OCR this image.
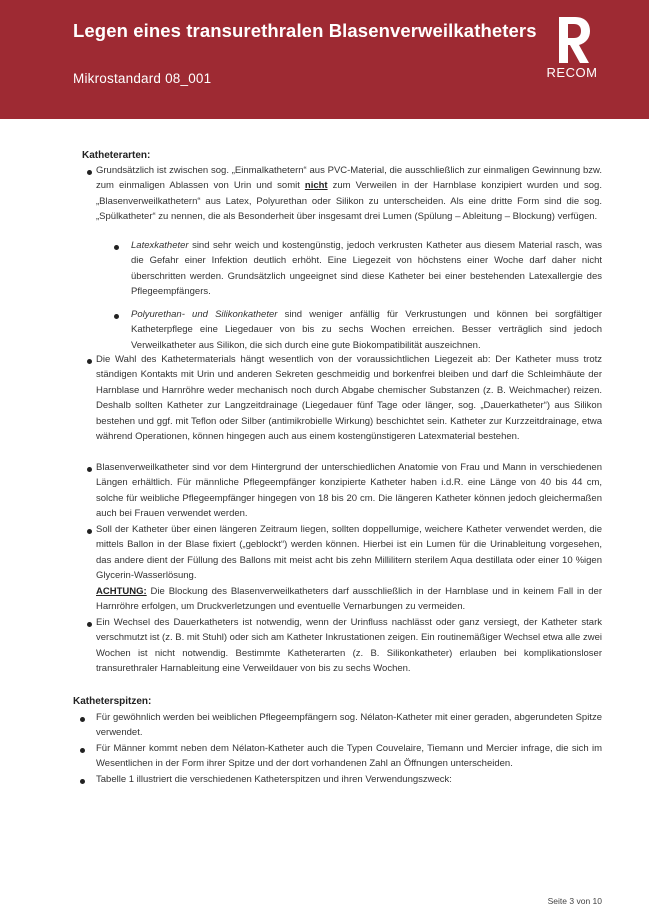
Legen eines transurethralen Blasenverweilkatheters
Mikrostandard 08_001	RECOM
Katheterarten:
Grundsätzlich ist zwischen sog. „Einmalkathetern“ aus PVC-Material, die ausschließlich zur einmaligen Gewinnung bzw. zum einmaligen Ablassen von Urin und somit nicht zum Verweilen in der Harnblase konzipiert wurden und sog. „Blasenverweilkathetern“ aus Latex, Polyurethan oder Silikon zu unterscheiden. Als eine dritte Form sind die sog. „Spülkatheter“ zu nennen, die als Besonderheit über insgesamt drei Lumen (Spülung – Ableitung – Blockung) verfügen.
Latexkatheter sind sehr weich und kostengünstig, jedoch verkrusten Katheter aus diesem Material rasch, was die Gefahr einer Infektion deutlich erhöht. Eine Liegezeit von höchstens einer Woche darf daher nicht überschritten werden. Grundsätzlich ungeeignet sind diese Katheter bei einer bestehenden Latexallergie des Pflegeempfängers.
Polyurethan- und Silikonkatheter sind weniger anfällig für Verkrustungen und können bei sorgfältiger Katheterpflege eine Liegedauer von bis zu sechs Wochen erreichen. Besser verträglich sind jedoch Verweilkatheter aus Silikon, die sich durch eine gute Biokompatibilität auszeichnen.
Die Wahl des Kathetermaterials hängt wesentlich von der voraussichtlichen Liegezeit ab: Der Katheter muss trotz ständigen Kontakts mit Urin und anderen Sekreten geschmeidig und borkenfrei bleiben und darf die Schleimhäute der Harnblase und Harnröhre weder mechanisch noch durch Abgabe chemischer Substanzen (z. B. Weichmacher) reizen. Deshalb sollten Katheter zur Langzeitdrainage (Liegedauer fünf Tage oder länger, sog. „Dauerkatheter“) aus Silikon bestehen und ggf. mit Teflon oder Silber (antimikrobielle Wirkung) beschichtet sein. Katheter zur Kurzzeitdrainage, etwa während Operationen, können hingegen auch aus einem kostengünstigeren Latexmaterial bestehen.
Blasenverweilkatheter sind vor dem Hintergrund der unterschiedlichen Anatomie von Frau und Mann in verschiedenen Längen erhältlich. Für männliche Pflegeempfänger konzipierte Katheter haben i.d.R. eine Länge von 40 bis 44 cm, solche für weibliche Pflegeempfänger hingegen von 18 bis 20 cm. Die längeren Katheter können jedoch gleichermaßen auch bei Frauen verwendet werden.
Soll der Katheter über einen längeren Zeitraum liegen, sollten doppellumige, weichere Katheter verwendet werden, die mittels Ballon in der Blase fixiert („geblockt“) werden können. Hierbei ist ein Lumen für die Urinableitung vorgesehen, das andere dient der Füllung des Ballons mit meist acht bis zehn Millilitern sterilem Aqua destillata oder einer 10 %igen Glycerin-Wasserlösung.
ACHTUNG: Die Blockung des Blasenverweilkatheters darf ausschließlich in der Harnblase und in keinem Fall in der Harnröhre erfolgen, um Druckverletzungen und eventuelle Vernarbungen zu vermeiden.
Ein Wechsel des Dauerkatheters ist notwendig, wenn der Urinfluss nachlässt oder ganz versiegt, der Katheter stark verschmutzt ist (z. B. mit Stuhl) oder sich am Katheter Inkrustationen zeigen. Ein routinemäßiger Wechsel etwa alle zwei Wochen ist nicht notwendig. Bestimmte Katheterarten (z. B. Silikonkatheter) erlauben bei komplikationsloser transurethraler Harnableitung eine Verweildauer von bis zu sechs Wochen.
Katheterspitzen:
Für gewöhnlich werden bei weiblichen Pflegeempfängern sog. Nélaton-Katheter mit einer geraden, abgerundeten Spitze verwendet.
Für Männer kommt neben dem Nélaton-Katheter auch die Typen Couvelaire, Tiemann und Mercier infrage, die sich im Wesentlichen in der Form ihrer Spitze und der dort vorhandenen Zahl an Öffnungen unterscheiden.
Tabelle 1 illustriert die verschiedenen Katheterspitzen und ihren Verwendungszweck:
Seite 3 von 10
